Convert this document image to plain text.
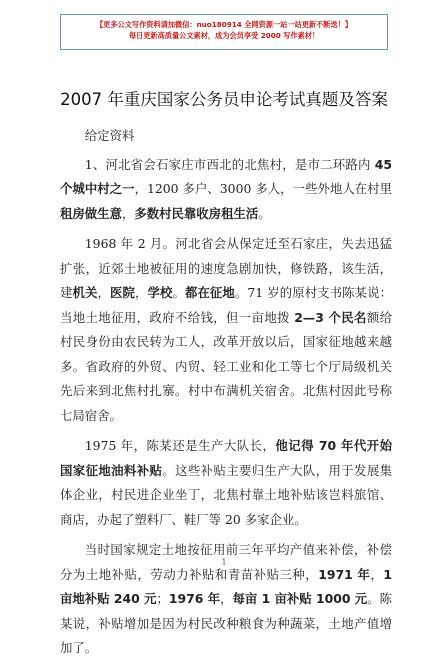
【更多公文写作资料请加微信：nuo180914 全网资源一站一站更新不断迭！】
每日更新高质量公文素材，成为会员享受 2000 写作素材！
2007 年重庆国家公务员申论考试真题及答案

给定资料

1、河北省会石家庄市西北的北焦村，是市二环路内 45 个城中村之一，1200 多户、3000 多人，一些外地人在村里租房做生意，多数村民靠收房租生活。

1968 年 2 月。河北省会从保定迁至石家庄，失去迅猛扩张，近郊土地被征用的速度急剧加快，修铁路，该生活，建机关，医院，学校。都在征地。71 岁的原村支书陈某说：当地土地征用，政府不给钱，但一亩地拨 2—3 个民名额给村民身份由农民转为工人，改革开放以后，国家征地越来越多。省政府的外贸、内贸、轻工业和化工等七个厅局级机关先后来到北焦村扎寨。村中布满机关宿舍。北焦村因此号称七局宿舍。

1975 年，陈某还是生产大队长，他记得 70 年代开始国家征地油料补贴。这些补贴主要归生产大队，用于发展集体企业，村民进企业坐丁，北焦村靠土地补贴该岂料旅馆、商店，办起了塑料厂、鞋厂等 20 多家企业。

当时国家规定土地按征用前三年平均产值来补偿，补偿分为土地补贴，劳动力补贴和青苗补贴三种，1971 年，1 亩地补贴 240 元；1976 年，每亩 1 亩补贴 1000 元。陈某说，补贴增加是因为村民改种粮食为种蔬菜，土地产值增加了。

1
